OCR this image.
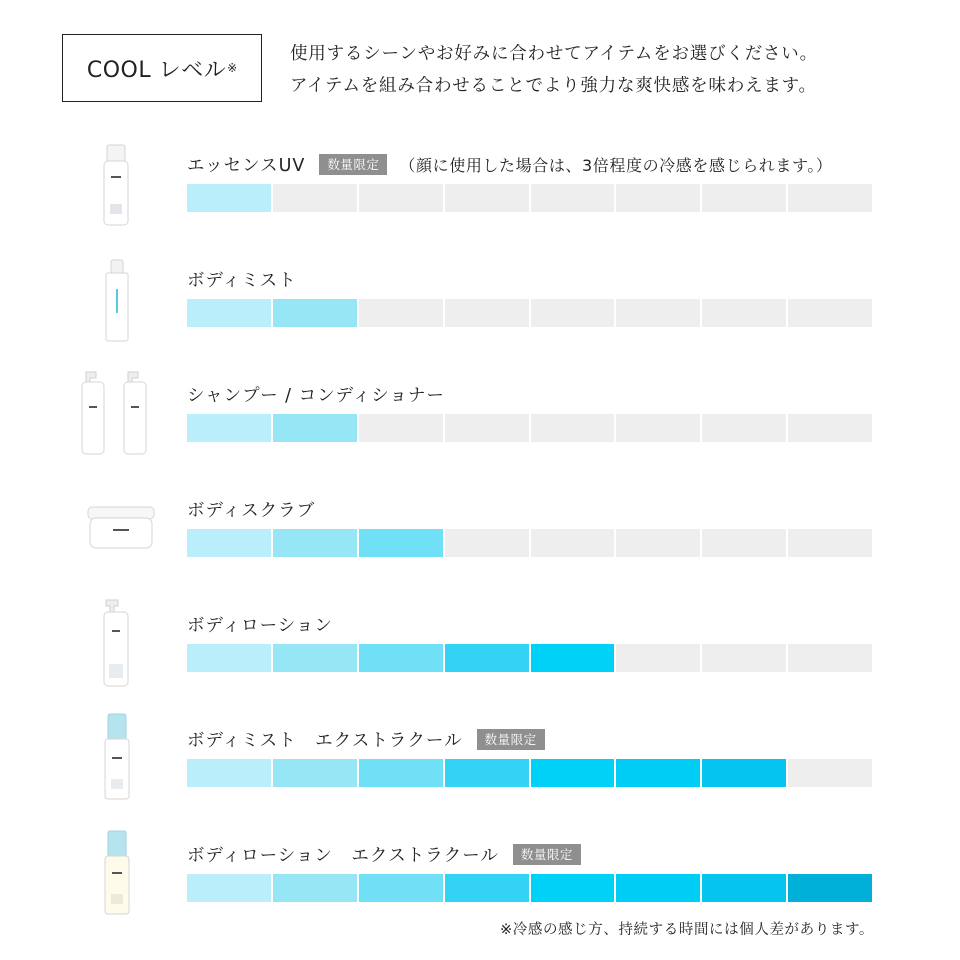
COOL レベル ※
使用するシーンやお好みに合わせてアイテムをお選びください。
アイテムを組み合わせることでより強力な爽快感を味わえます。
エッセンスUV	数量限定	（顔に使用した場合は、3倍程度の冷感を感じられます。）
ボディミスト
シャンプー / コンディショナー
ボディスクラブ
ボディローション
ボディミスト　エクストラクール	数量限定
ボディローション　エクストラクール	数量限定
※冷感の感じ方、持続する時間には個人差があります。
